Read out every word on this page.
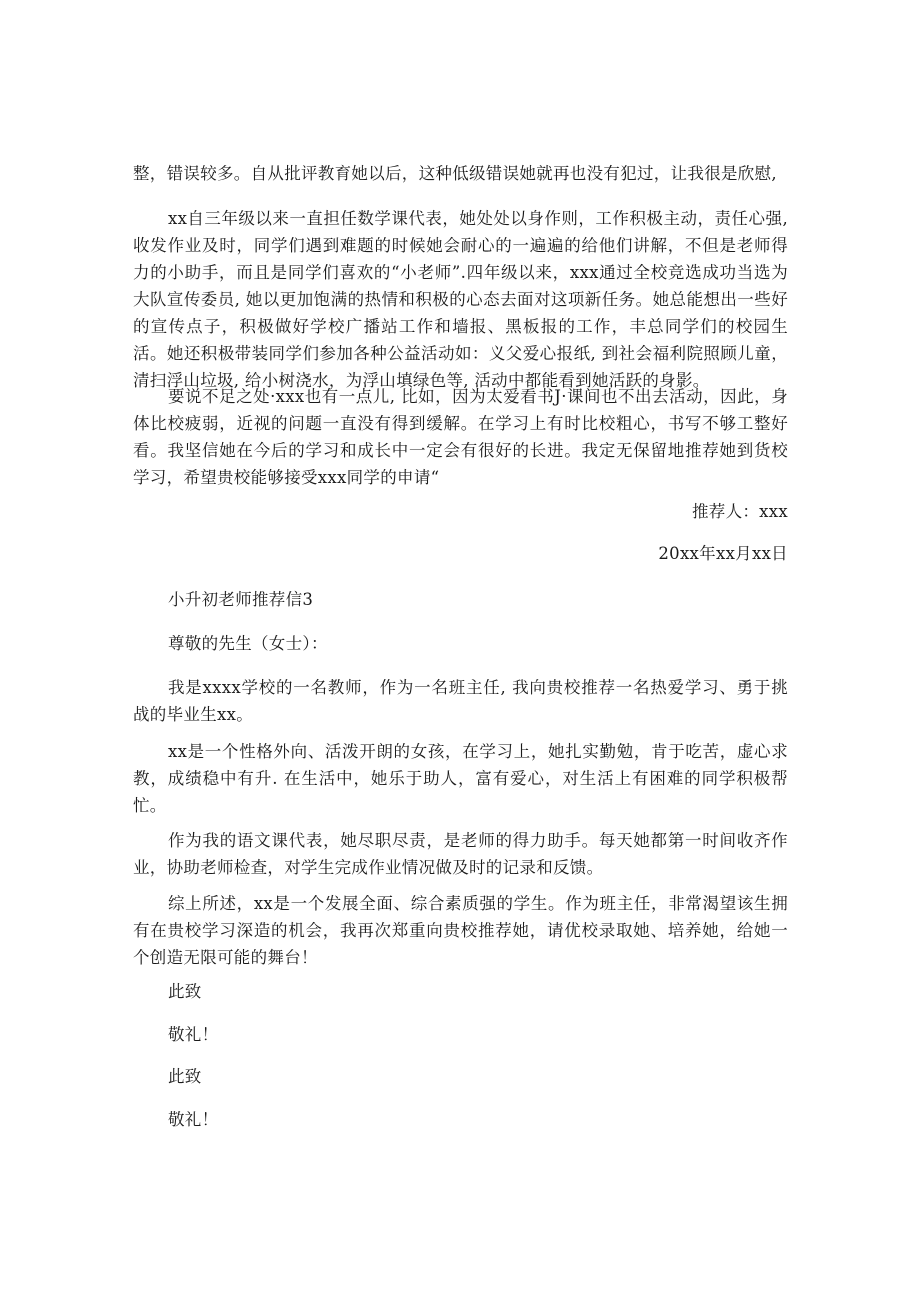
整，错误较多。自从批评教育她以后，这种低级错误她就再也没有犯过，让我很是欣慰,

xx自三年级以来一直担任数学课代表，她处处以身作则，工作积极主动，责任心强,收发作业及时，同学们遇到难题的时候她会耐心的一遍遍的给他们讲解，不但是老师得力的小助手，而且是同学们喜欢的“小老师”.四年级以来，xxx通过全校竞选成功当选为大队宣传委员, 她以更加饱满的热情和积极的心态去面对这项新任务。她总能想出一些好的宣传点子，积极做好学校广播站工作和墙报、黑板报的工作，丰总同学们的校园生活。她还积极带装同学们参加各种公益活动如：义父爱心报纸, 到社会福利院照顾儿童，清扫浮山垃圾, 给小树浇水，为浮山填绿色等, 活动中都能看到她活跃的身影。

要说不足之处·xxx也有一点儿, 比如，因为太爱看书J·课间也不出去活动，因此，身体比校疲弱，近视的问题一直没有得到缓解。在学习上有时比校粗心，书写不够工整好看。我坚信她在今后的学习和成长中一定会有很好的长进。我定无保留地推荐她到货校学习，希望贵校能够接受xxx同学的申请“

推荐人：xxx

20xx年xx月xx日

小升初老师推荐信3

尊敬的先生（女士）：

我是xxxx学校的一名教师，作为一名班主任, 我向贵校推荐一名热爱学习、勇于挑战的毕业生xx。

xx是一个性格外向、活泼开朗的女孩，在学习上，她扎实勤勉，肯于吃苦，虚心求教，成绩稳中有升. 在生活中，她乐于助人，富有爱心，对生活上有困难的同学积极帮忙。

作为我的语文课代表，她尽职尽责，是老师的得力助手。每天她都第一时间收齐作业，协助老师检查，对学生完成作业情况做及时的记录和反馈。

综上所述，xx是一个发展全面、综合素质强的学生。作为班主任，非常渴望该生拥有在贵校学习深造的机会，我再次郑重向贵校推荐她，请优校录取她、培养她，给她一个创造无限可能的舞台！

此致

敬礼！

此致

敬礼！
